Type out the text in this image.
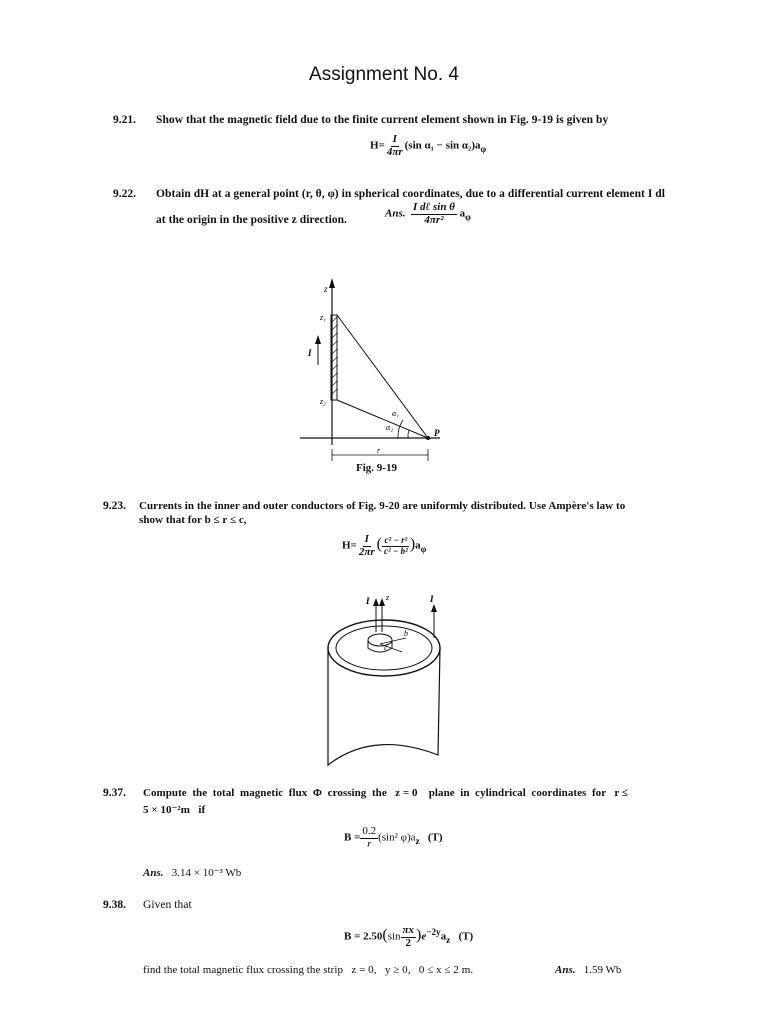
Assignment No. 4
9.21. Show that the magnetic field due to the finite current element shown in Fig. 9-19 is given by
$H= \frac{I}{4\pi r} (\sin$ $\alpha_1 - \sin \alpha_2)a_\varphi$
9.22. Obtain dH at a general point (r, θ, φ) in spherical coordinates, due to a differential current element I dl
at the origin in the positive z direction.
Ans. $\frac{\text{I dℓ sin θ}}{\text{4πr²}} a_\varphi$
z
z₁
z₂
I
α₁
α₂
P
r
Fig. 9-19
9.23. Currents in the inner and outer conductors of Fig. 9-20 are uniformly distributed. Use Ampère's law to
show that for b ≤ r ≤ c,
$H= \frac{I}{2\pi r}$ ( $\frac{\text{c² − r²}}{\text{c² − b²}} )a_\varphi$
I z	I
b
c
9.37. Compute  the  total  magnetic  flux  Φ  crossing  the   z = 0    plane  in  cylindrical  coordinates  for   r ≤
5 × 10⁻²m   if
$B = \frac{0.2}{r} (\sin^2$ $\varphi)a_z$ (T)
Ans. 3.14 × 10⁻³ Wb
9.38. Given that
$B = 2.50(\sin \frac{\pi x}{2} )e^{-2y}a_z$ (T)
find the total magnetic flux crossing the strip   z = 0,   y ≥ 0,   0 ≤ x ≤ 2 m.	Ans. 1.59 Wb
